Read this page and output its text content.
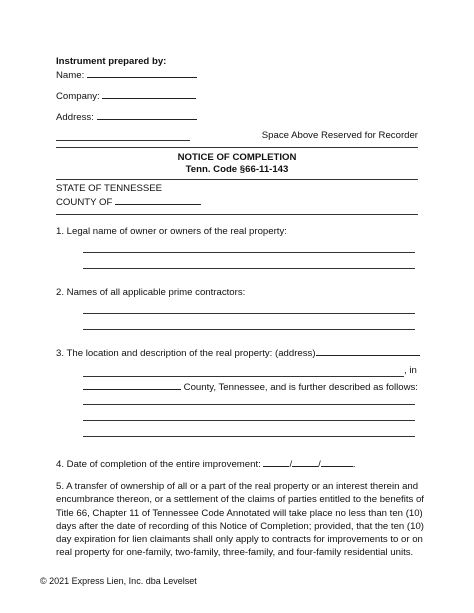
Instrument prepared by:
Name:
Company:
Address:
Space Above Reserved for Recorder
NOTICE OF COMPLETION
Tenn. Code §66-11-143
STATE OF TENNESSEE
COUNTY OF
1. Legal name of owner or owners of the real property:
2. Names of all applicable prime contractors:
3. The location and description of the real property: (address)
, in
County, Tennessee, and is further described as follows:
4. Date of completion of the entire improvement:	/	/	.
5. A transfer of ownership of all or a part of the real property or an interest therein and
encumbrance thereon, or a settlement of the claims of parties entitled to the benefits of
Title 66, Chapter 11 of Tennessee Code Annotated will take place no less than ten (10)
days after the date of recording of this Notice of Completion; provided, that the ten (10)
day expiration for lien claimants shall only apply to contracts for improvements to or on
real property for one-family, two-family, three-family, and four-family residential units.
© 2021 Express Lien, Inc. dba Levelset
